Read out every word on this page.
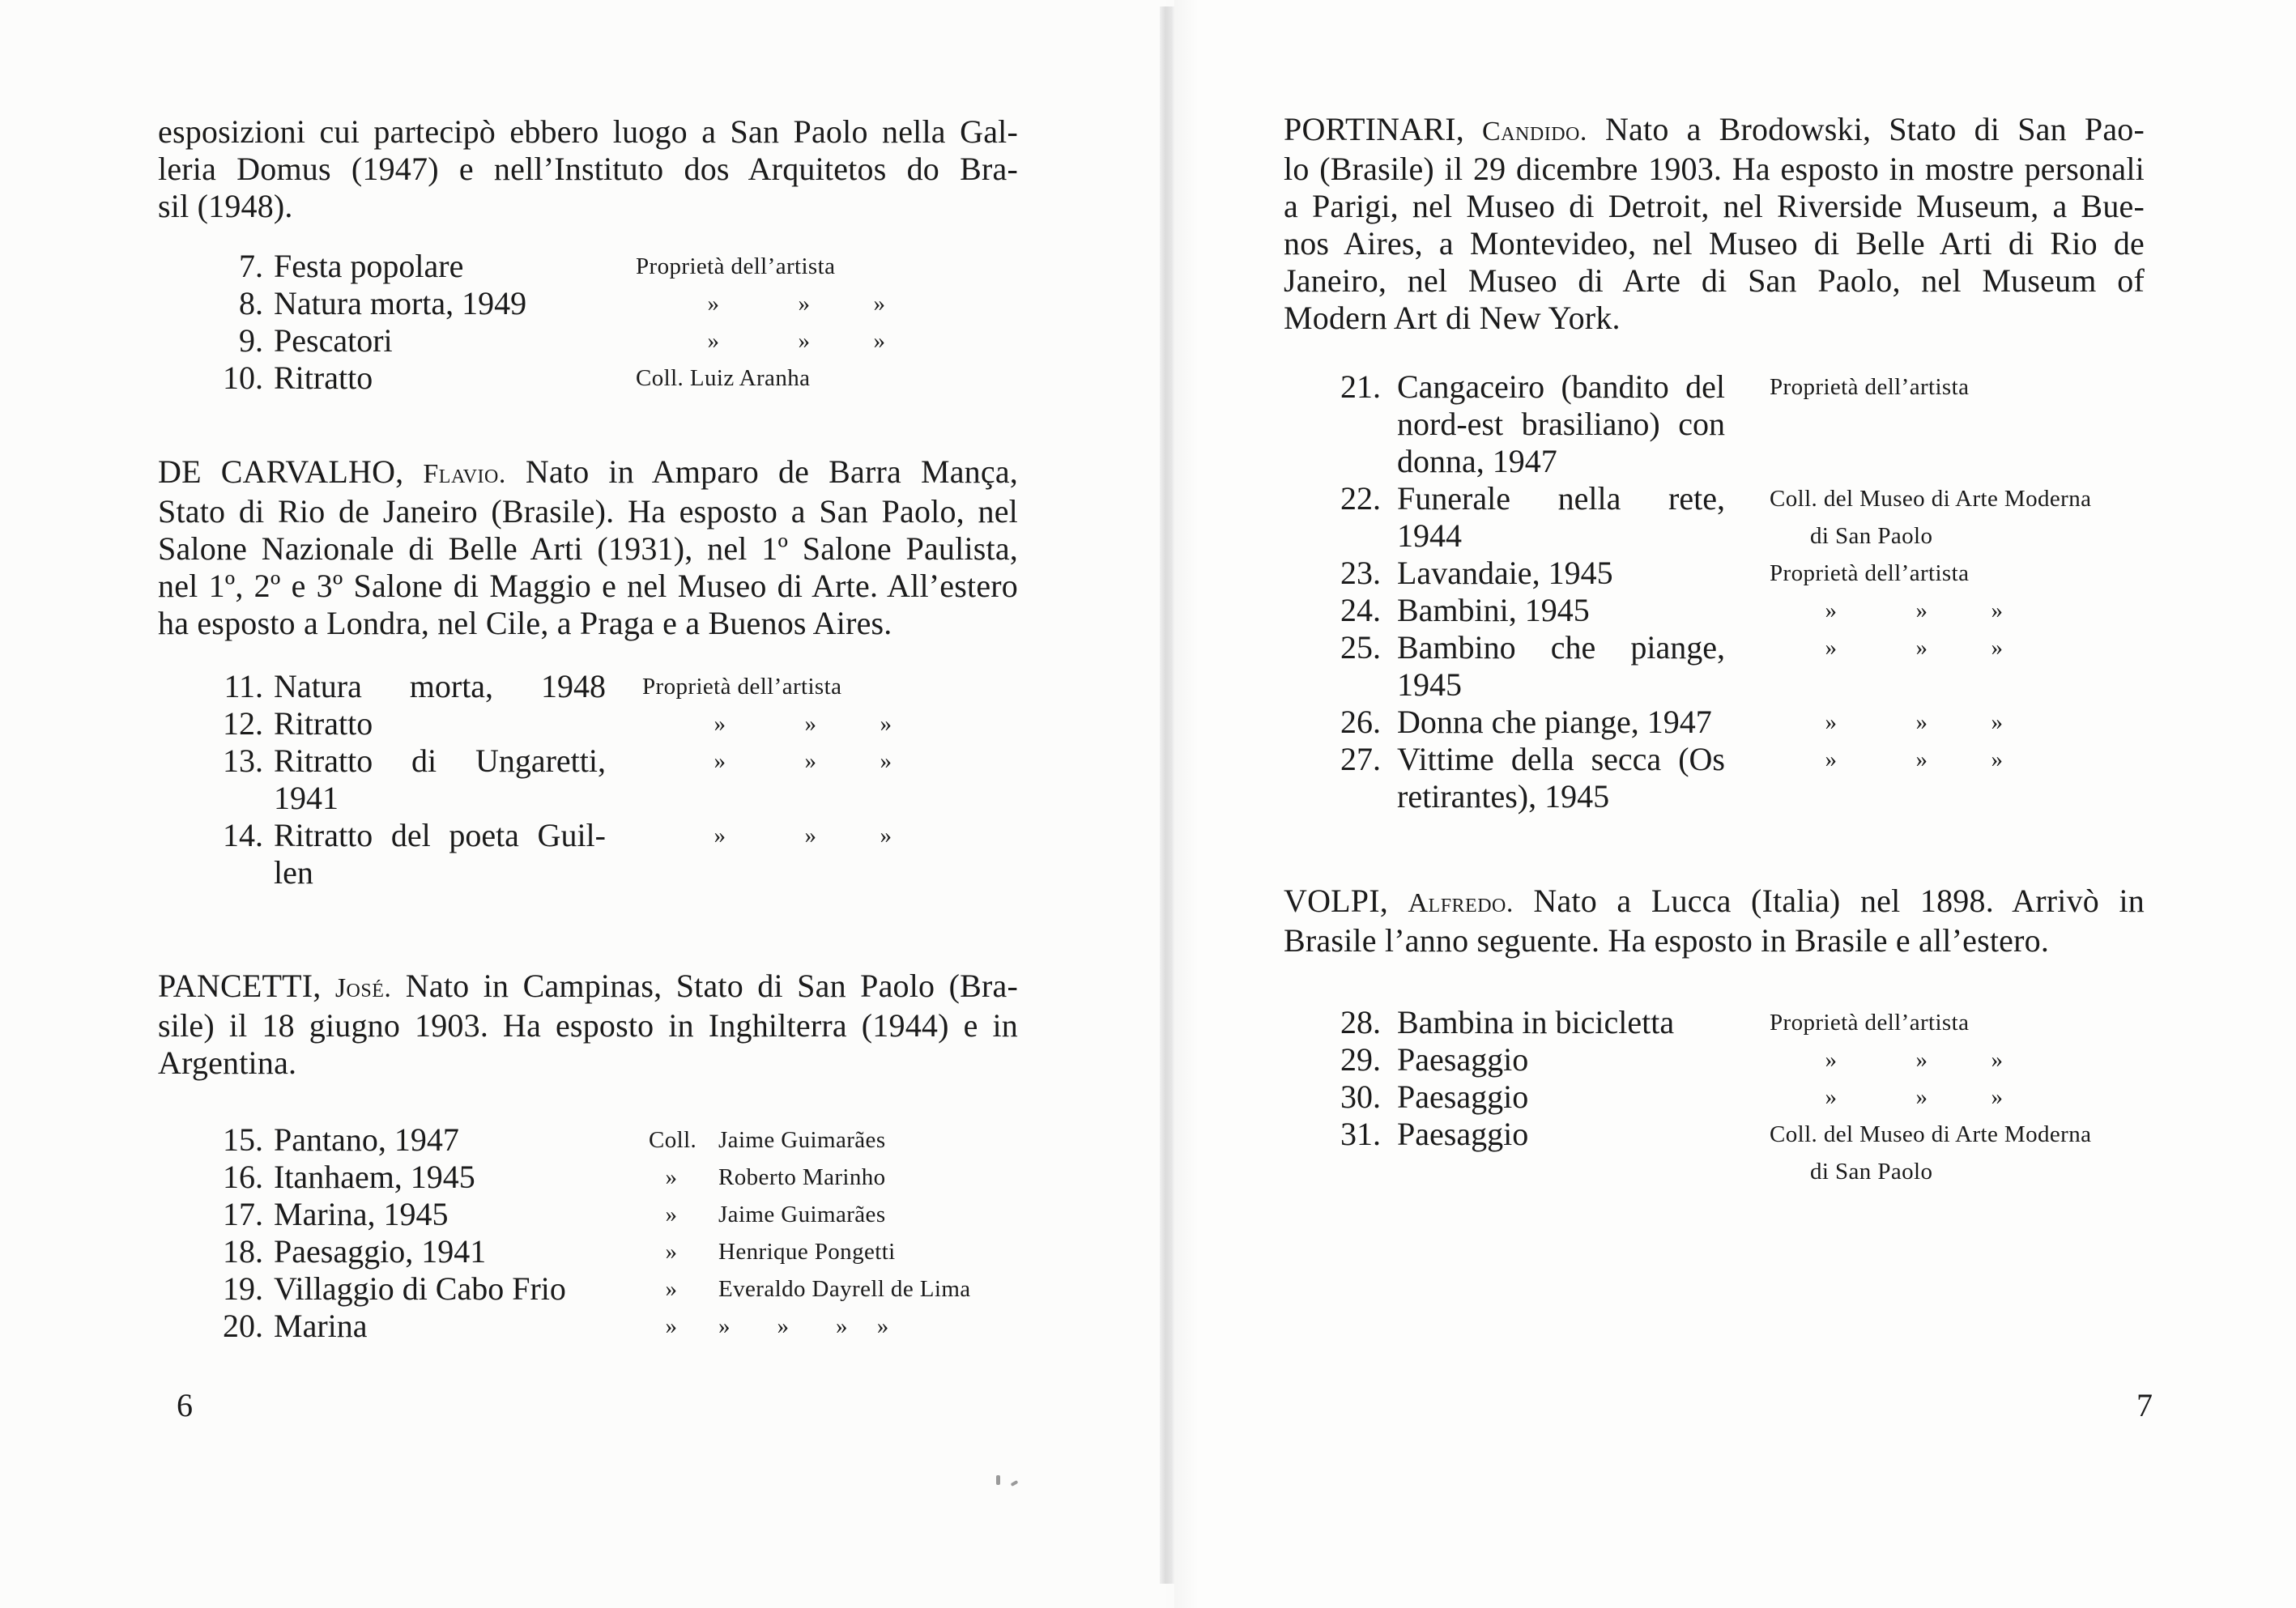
esposizioni cui partecipò ebbero luogo a San Paolo nella Gal-
leria Domus (1947) e nell’Instituto dos Arquitetos do Bra-
sil (1948).
7. Festa popolare	Proprietà dell’artista
8. Natura morta, 1949	»	»	»
9. Pescatori	»	»	»
10. Ritratto	Coll. Luiz Aranha
DE CARVALHO, Flavio. Nato in Amparo de Barra Mança,
Stato di Rio de Janeiro (Brasile). Ha esposto a San Paolo, nel
Salone Nazionale di Belle Arti (1931), nel 1º Salone Paulista,
nel 1º, 2º e 3º Salone di Maggio e nel Museo di Arte. All’estero
ha esposto a Londra, nel Cile, a Praga e a Buenos Aires.
11. Natura morta, 1948 Proprietà dell’artista
12. Ritratto	»	»	»
13. Ritratto di Ungaretti,
1941
»	»	»
14. Ritratto del poeta Guil-
len
»	»	»
PANCETTI, José. Nato in Campinas, Stato di San Paolo (Bra-
sile) il 18 giugno 1903. Ha esposto in Inghilterra (1944) e in
Argentina.
15. Pantano, 1947	Coll. Jaime Guimarães
16. Itanhaem, 1945	» Roberto Marinho
17. Marina, 1945	» Jaime Guimarães
18. Paesaggio, 1941	» Henrique Pongetti
19. Villaggio di Cabo Frio	» Everaldo Dayrell de Lima
20. Marina	» »        »        »     »
6
PORTINARI, Candido. Nato a Brodowski, Stato di San Pao-
lo (Brasile) il 29 dicembre 1903. Ha esposto in mostre personali
a Parigi, nel Museo di Detroit, nel Riverside Museum, a Bue-
nos Aires, a Montevideo, nel Museo di Belle Arti di Rio de
Janeiro, nel Museo di Arte di San Paolo, nel Museum of
Modern Art di New York.
21. Cangaceiro (bandito del
nord-est brasiliano) con
donna, 1947
Proprietà dell’artista
22. Funerale nella rete,
1944
Coll. del Museo di Arte Moderna
di San Paolo
23. Lavandaie, 1945	Proprietà dell’artista
24. Bambini, 1945	»	»	»
25. Bambino che piange,
1945
»	»	»
26. Donna che piange, 1947	»	»	»
27. Vittime della secca (Os
retirantes), 1945
»	»	»
VOLPI, Alfredo. Nato a Lucca (Italia) nel 1898. Arrivò in
Brasile l’anno seguente. Ha esposto in Brasile e all’estero.
28. Bambina in bicicletta	Proprietà dell’artista
29. Paesaggio	»	»	»
30. Paesaggio	»	»	»
31. Paesaggio	Coll. del Museo di Arte Moderna
di San Paolo
7
